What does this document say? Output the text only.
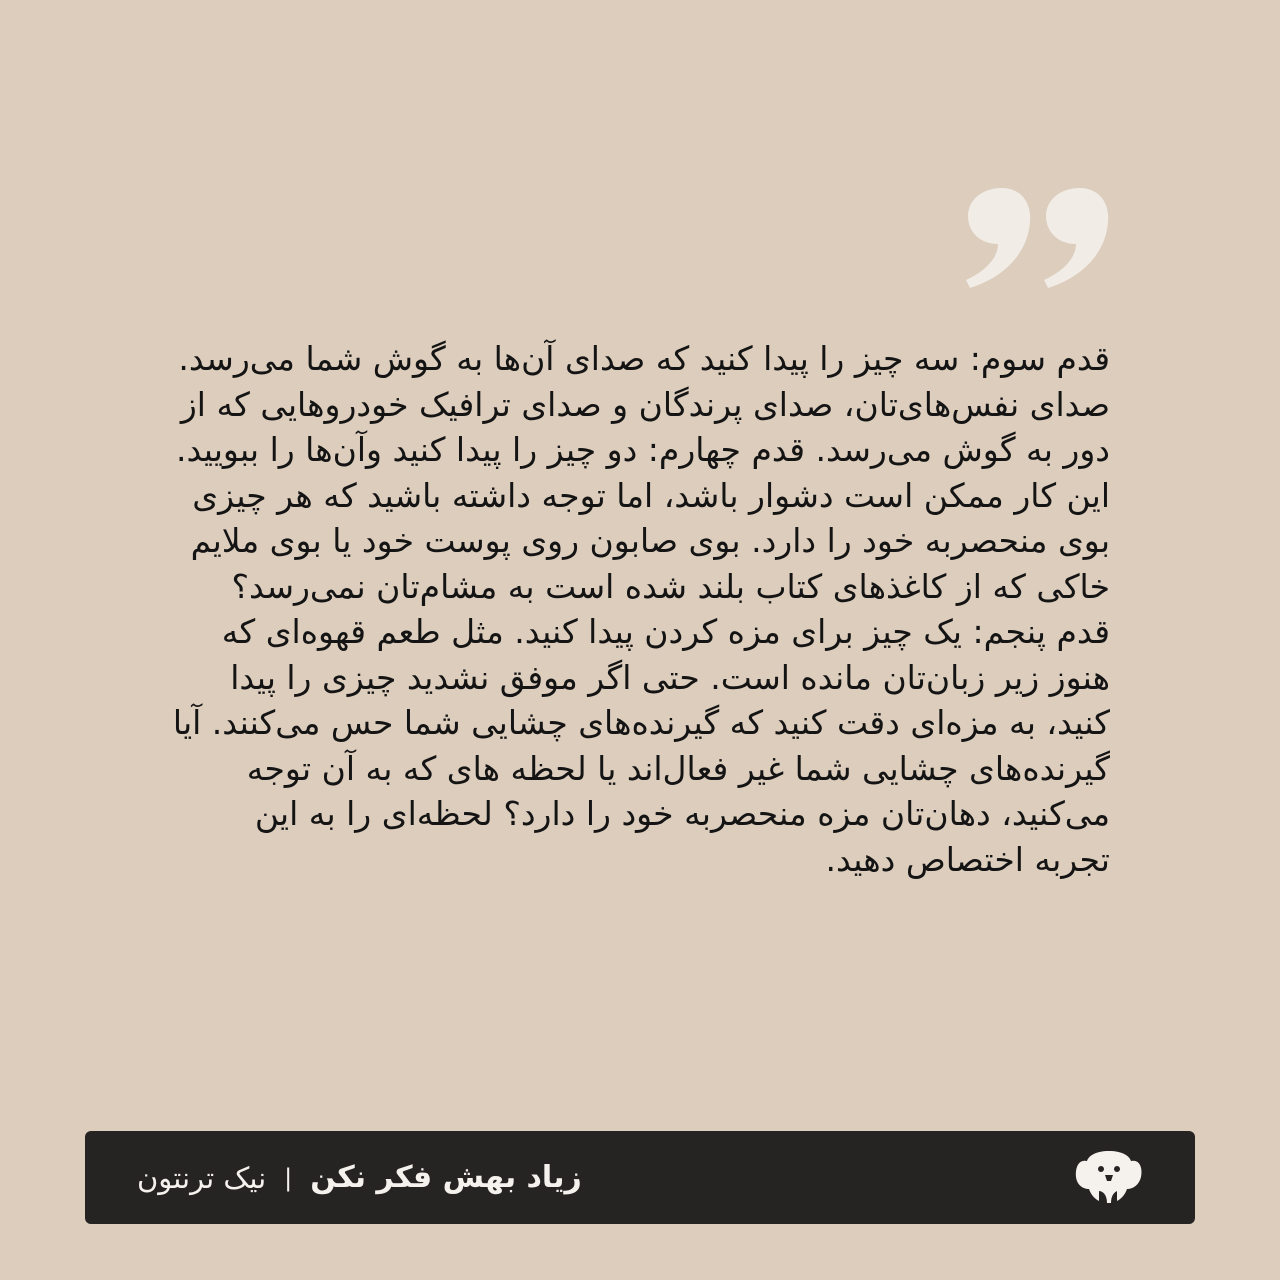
قدم سوم: سه چیز را پیدا کنید که صدای آن‌ها به گوش شما می‌رسد. صدای نفس‌های‌تان، صدای پرندگان و صدای ترافیک خودروهایی که از دور به گوش می‌رسد.⁣ قدم چهارم: دو چیز را پیدا کنید وآن‌ها را ببویید. این کار ممکن است دشوار باشد، اما توجه داشته باشید که هر چیزی بوی منحصربه خود را دارد. بوی صابون روی پوست خود یا بوی ملایم خاکی که از کاغذهای کتاب بلند شده است به مشام‌تان نمی‌رسد؟⁣ قدم پنجم: یک چیز برای مزه کردن پیدا کنید. مثل طعم قهوه‌ای که هنوز زیر زبان‌تان مانده است. حتی اگر موفق نشدید چیزی را پیدا کنید، به مزه‌ای دقت کنید که گیرنده‌های چشایی شما حس می‌کنند. آیا گیرنده‌های چشایی شما غیر فعال‌اند یا لحظه های که به آن توجه می‌کنید، دهان‌تان مزه منحصربه خود را دارد؟ لحظه‌ای را به این تجربه اختصاص دهید.

زیاد بهش فکر نکن
|
نیک ترنتون
